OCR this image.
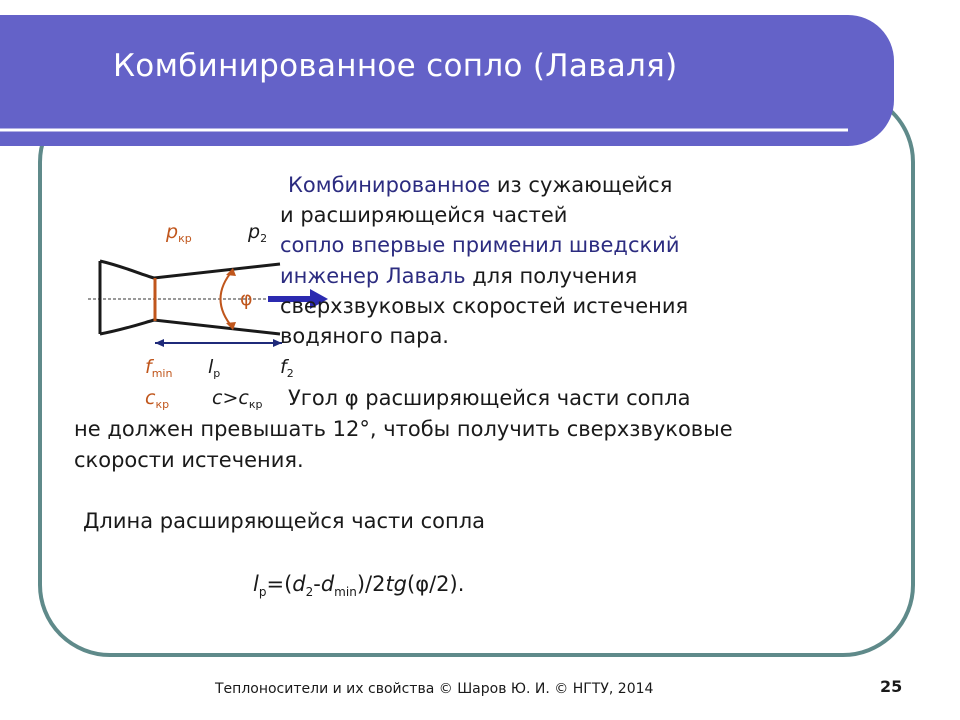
Комбинированное сопло (Лаваля)
$p_{кр}$	$p_2$
φ
$f_{min}$ $l_р$	$f_2$
$с_{кр}$ $с>с_{кр}$
Комбинированное из сужающейся
и расширяющейся частей
сопло впервые применил шведский
инженер Лаваль для получения
сверхзвуковых скоростей истечения
водяного пара.
Угол φ расширяющейся части сопла
не должен превышать 12°, чтобы получить сверхзвуковые
скорости истечения.
Длина расширяющейся части сопла
$l_р=(d_2-d_{min})/2tg(\varphi/2)$.
Теплоносители и их свойства © Шаров Ю. И. © НГТУ, 2014	25
